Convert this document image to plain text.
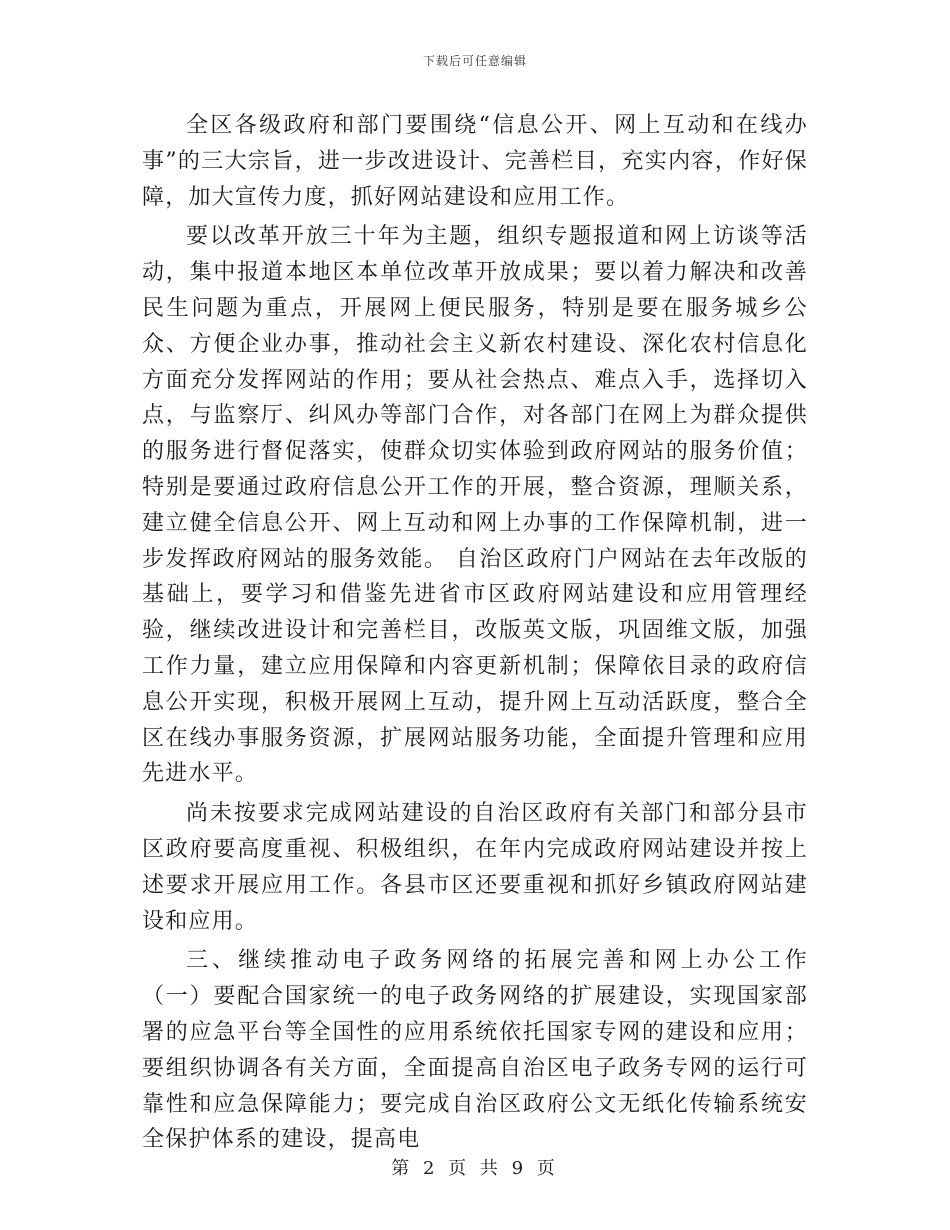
下载后可任意编辑

全区各级政府和部门要围绕“信息公开、网上互动和在线办事”的三大宗旨，进一步改进设计、完善栏目，充实内容，作好保障，加大宣传力度，抓好网站建设和应用工作。

要以改革开放三十年为主题，组织专题报道和网上访谈等活动，集中报道本地区本单位改革开放成果；要以着力解决和改善民生问题为重点，开展网上便民服务，特别是要在服务城乡公众、方便企业办事，推动社会主义新农村建设、深化农村信息化方面充分发挥网站的作用；要从社会热点、难点入手，选择切入点，与监察厅、纠风办等部门合作，对各部门在网上为群众提供的服务进行督促落实，使群众切实体验到政府网站的服务价值；特别是要通过政府信息公开工作的开展，整合资源，理顺关系，建立健全信息公开、网上互动和网上办事的工作保障机制，进一步发挥政府网站的服务效能。 自治区政府门户网站在去年改版的基础上，要学习和借鉴先进省市区政府网站建设和应用管理经验，继续改进设计和完善栏目，改版英文版，巩固维文版，加强工作力量，建立应用保障和内容更新机制；保障依目录的政府信息公开实现，积极开展网上互动，提升网上互动活跃度，整合全区在线办事服务资源，扩展网站服务功能，全面提升管理和应用先进水平。

尚未按要求完成网站建设的自治区政府有关部门和部分县市区政府要高度重视、积极组织，在年内完成政府网站建设并按上述要求开展应用工作。各县市区还要重视和抓好乡镇政府网站建设和应用。

三、继续推动电子政务网络的拓展完善和网上办公工作 （一）要配合国家统一的电子政务网络的扩展建设，实现国家部署的应急平台等全国性的应用系统依托国家专网的建设和应用；要组织协调各有关方面，全面提高自治区电子政务专网的运行可靠性和应急保障能力；要完成自治区政府公文无纸化传输系统安全保护体系的建设，提高电

第 2 页 共 9 页
